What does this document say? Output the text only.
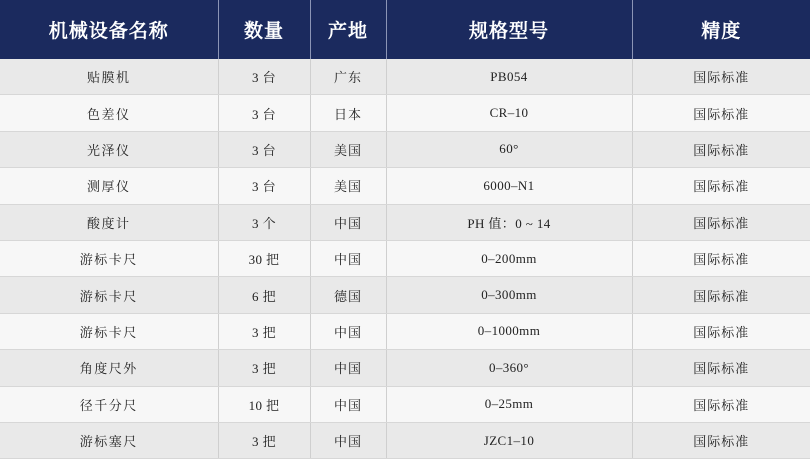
机械设备名称	数量	产地	规格型号	精度
贴膜机	3 台	广东	PB054	国际标准
色差仪	3 台	日本	CR–10	国际标准
光泽仪	3 台	美国	60°	国际标准
测厚仪	3 台	美国	6000–N1	国际标准
酸度计	3 个	中国	PH 值：0 ~ 14	国际标准
游标卡尺	30 把	中国	0–200mm	国际标准
游标卡尺	6 把	德国	0–300mm	国际标准
游标卡尺	3 把	中国	0–1000mm	国际标准
角度尺外	3 把	中国	0–360°	国际标准
径千分尺	10 把	中国	0–25mm	国际标准
游标塞尺	3 把	中国	JZC1–10	国际标准
